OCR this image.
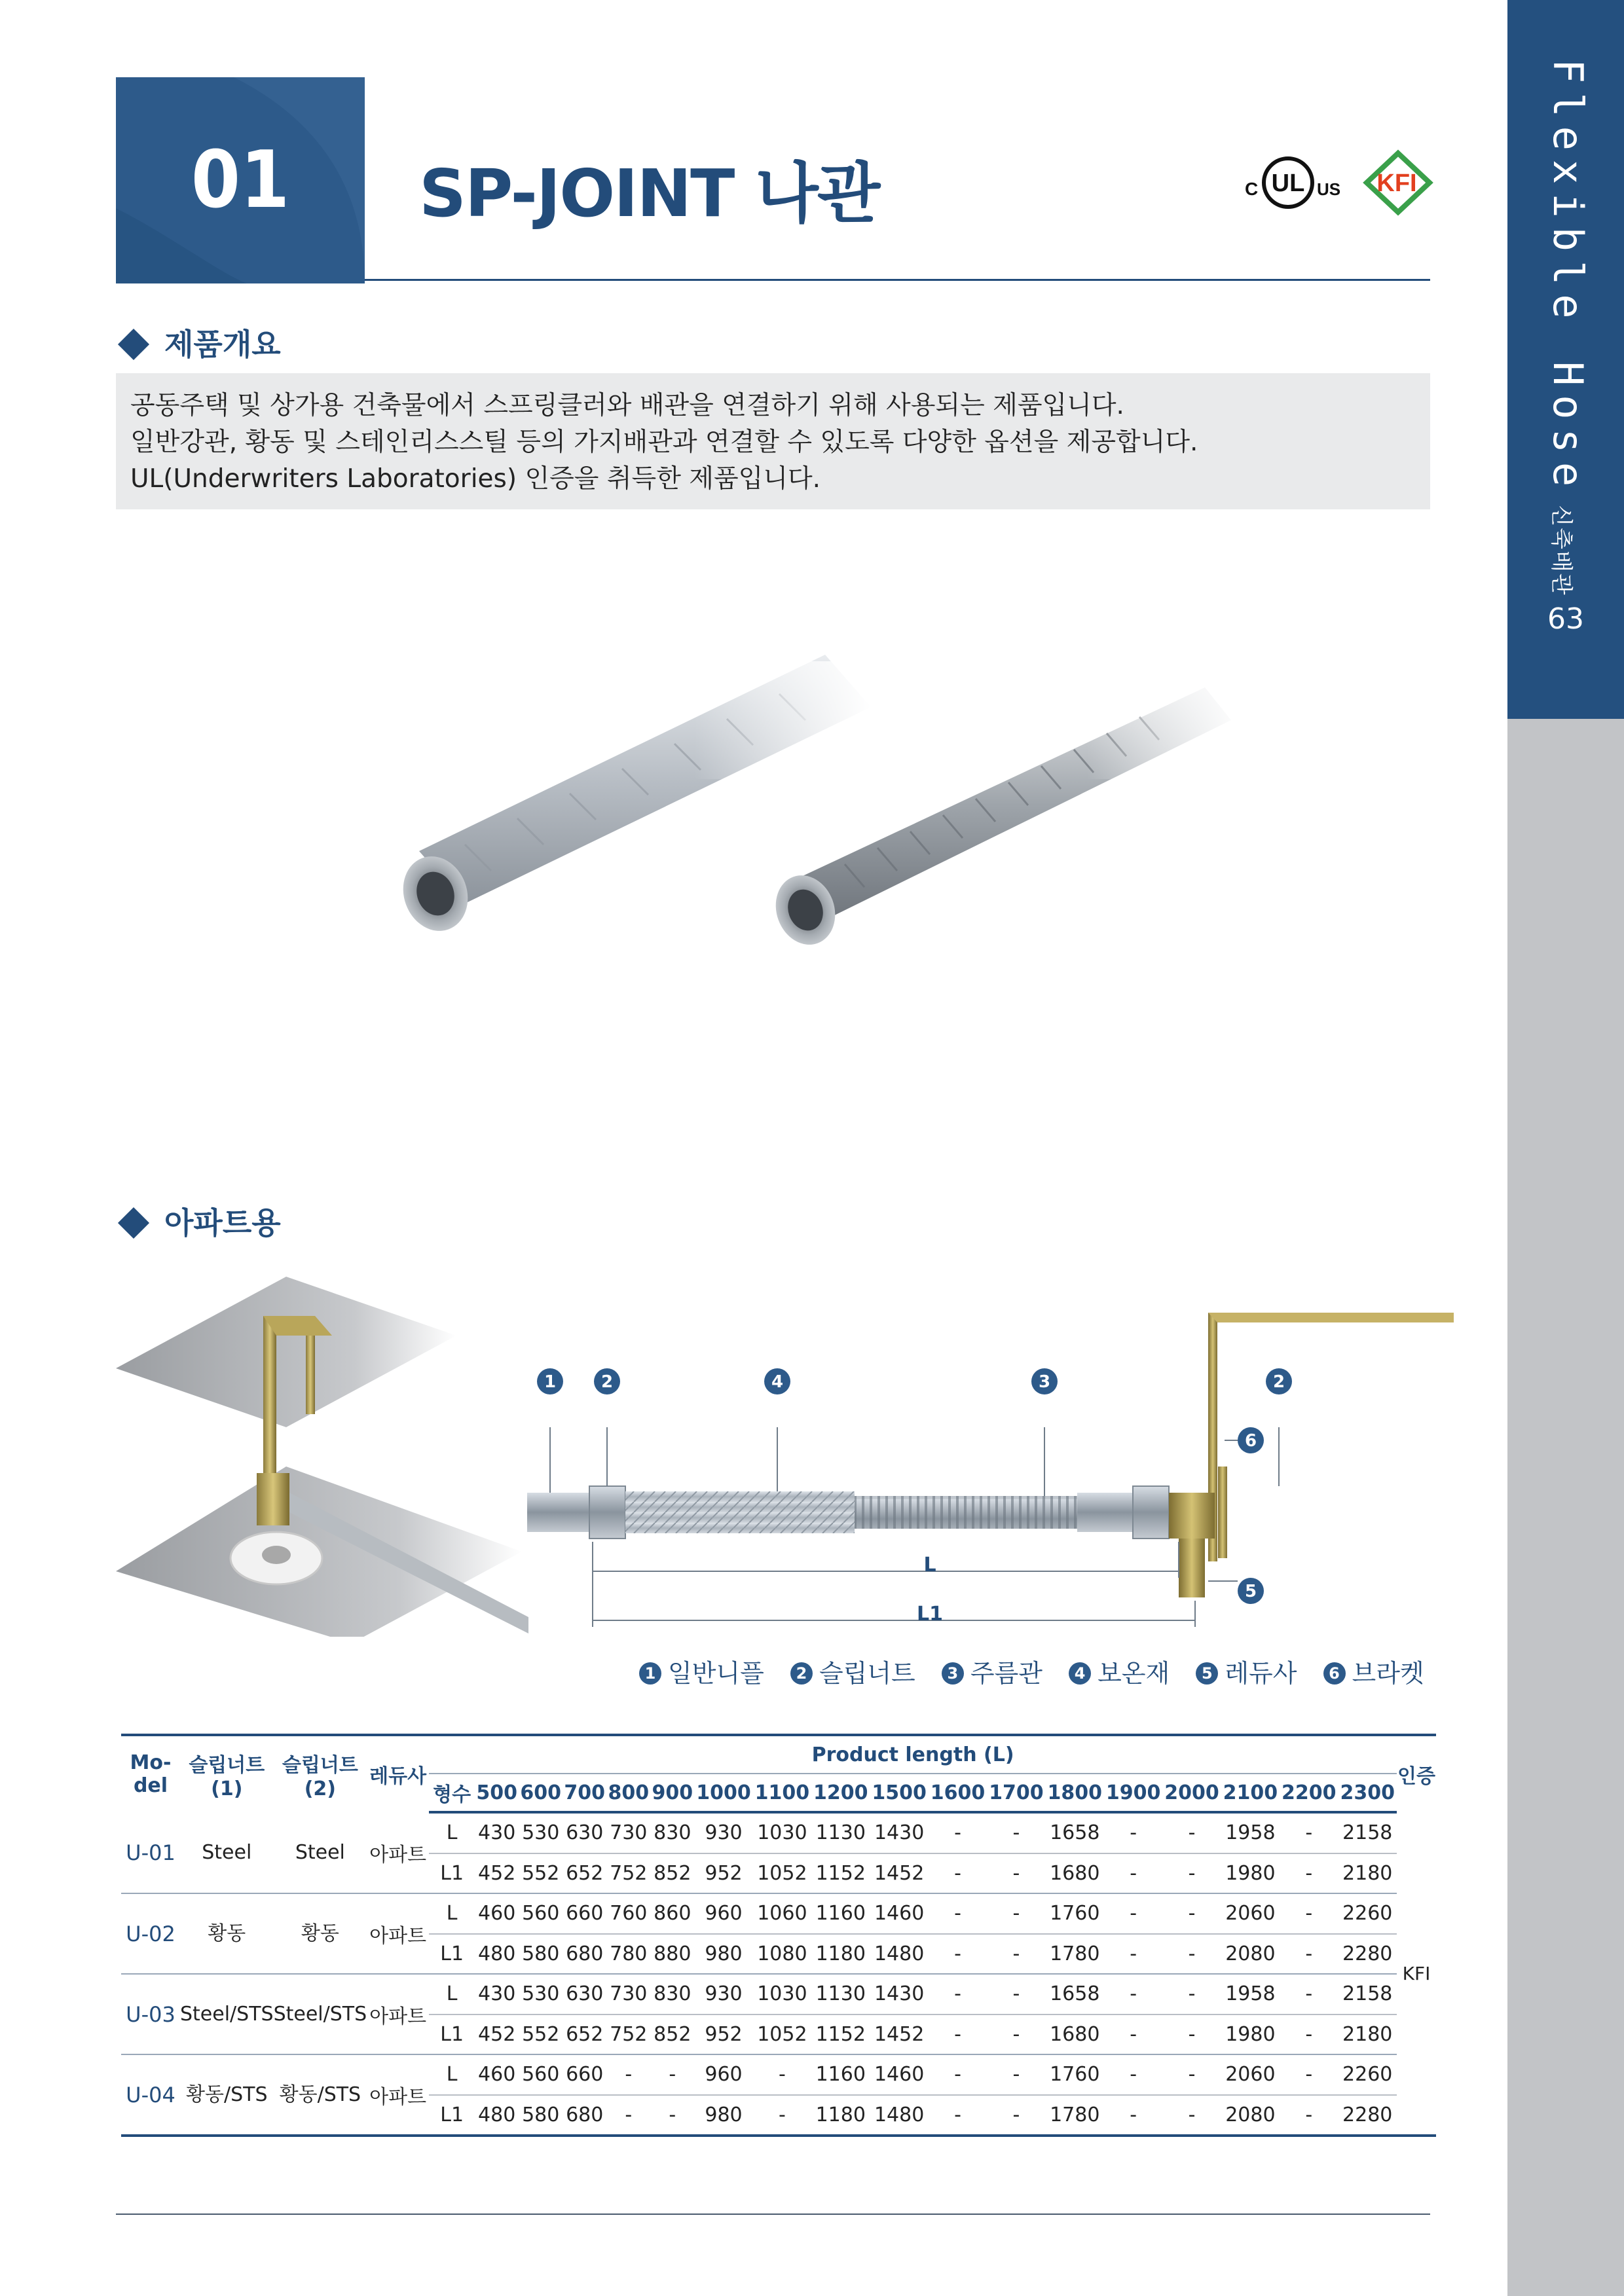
Flexible Hose신축배관
63
01	SP-JOINT 나관	C UL US KFI
제품개요

공동주택 및 상가용 건축물에서 스프링클러와 배관을 연결하기 위해 사용되는 제품입니다.

일반강관, 황동 및 스테인리스스틸 등의 가지배관과 연결할 수 있도록 다양한 옵션을 제공합니다.

UL(Underwriters Laboratories) 인증을 취득한 제품입니다.

아파트용
L
L1
1	2	4	3	2
6
5
1 일반니플 2 슬립너트 3 주름관 4 보온재 5 레듀사 6 브라켓
Mo-del	슬립너트(1)	슬립너트(2)	레듀사	Product length (L)																		인증
				형수	500	600	700	800	900	1000	1100	1200	1500	1600	1700	1800	1900	2000	2100	2200	2300	
U-01	Steel	Steel	아파트	L	430	530	630	730	830	930	1030	1130	1430	-	-	1658	-	-	1958	-	2158	KFI
				L1	452	552	652	752	852	952	1052	1152	1452	-	-	1680	-	-	1980	-	2180	
U-02	황동	황동	아파트	L	460	560	660	760	860	960	1060	1160	1460	-	-	1760	-	-	2060	-	2260	
				L1	480	580	680	780	880	980	1080	1180	1480	-	-	1780	-	-	2080	-	2280	
U-03	Steel/STS	Steel/STS	아파트	L	430	530	630	730	830	930	1030	1130	1430	-	-	1658	-	-	1958	-	2158	
				L1	452	552	652	752	852	952	1052	1152	1452	-	-	1680	-	-	1980	-	2180	
U-04	황동/STS	황동/STS	아파트	L	460	560	660	-	-	960	-	1160	1460	-	-	1760	-	-	2060	-	2260	
				L1	480	580	680	-	-	980	-	1180	1480	-	-	1780	-	-	2080	-	2280	
